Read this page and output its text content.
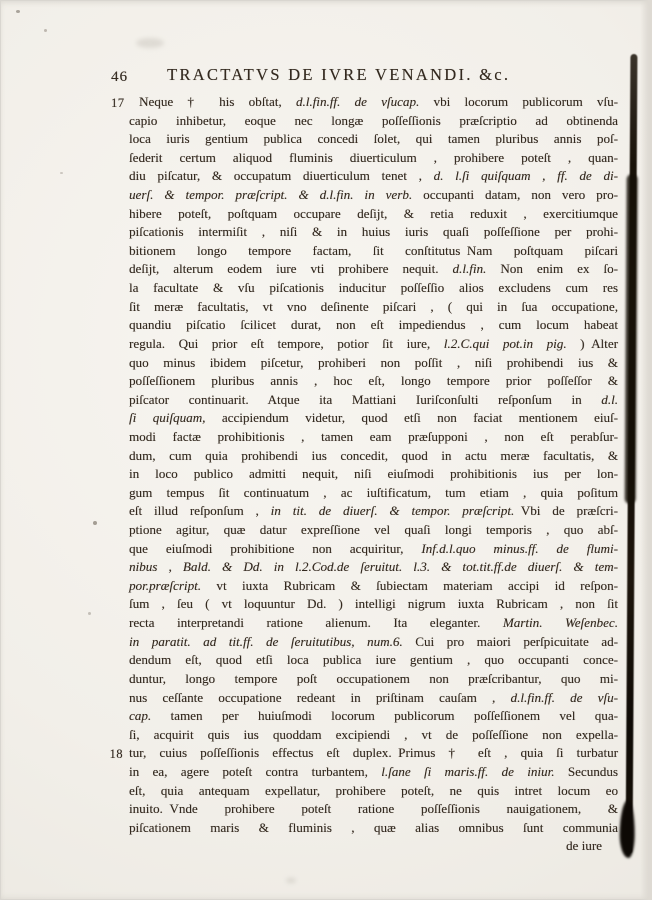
46 TRACTATVS DE IVRE VENANDI. &c.
17 Neque † his obſtat, d.l.fin.ff. de vſucap. vbi locorum publicorum vſu-
capio inhibetur, eoque nec longæ poſſeſſionis præſcriptio ad obtinenda
loca iuris gentium publica concedi ſolet, qui tamen pluribus annis poſ-
ſederit certum aliquod fluminis diuerticulum , prohibere poteſt , quan-
diu piſcatur, & occupatum diuerticulum tenet , d. l.ſi quiſquam , ff. de di-
uerſ. & tempor. præſcript. & d.l.fin. in verb. occupanti datam, non vero pro-
hibere poteſt, poſtquam occupare deſijt, & retia reduxit , exercitiumque
piſcationis intermiſit , niſi & in huius iuris quaſi poſſeſſione per prohi-
bitionem longo tempore factam, ſit conſtitutus Nam poſtquam piſcari
deſijt, alterum eodem iure vti prohibere nequit. d.l.fin. Non enim ex ſo-
la facultate & vſu piſcationis inducitur poſſeſſio alios excludens cum res
ſit meræ facultatis, vt vno deſinente piſcari , ( qui in ſua occupatione,
quandiu piſcatio ſcilicet durat, non eſt impediendus , cum locum habeat
regula. Qui prior eſt tempore, potior ſit iure, l.2.C.qui pot.in pig. ) Alter
quo minus ibidem piſcetur, prohiberi non poſſit , niſi prohibendi ius &
poſſeſſionem pluribus annis , hoc eſt, longo tempore prior poſſeſſor &
piſcator continuarit. Atque ita Mattiani Iuriſconſulti reſponſum in d.l.
ſi quiſquam, accipiendum videtur, quod etſi non faciat mentionem eiuſ-
modi factæ prohibitionis , tamen eam præſupponi , non eſt perabſur-
dum, cum quia prohibendi ius concedit, quod in actu meræ facultatis, &
in loco publico admitti nequit, niſi eiuſmodi prohibitionis ius per lon-
gum tempus ſit continuatum , ac iuſtificatum, tum etiam , quia poſitum
eſt illud reſponſum , in tit. de diuerſ. & tempor. præſcript. Vbi de præſcri-
ptione agitur, quæ datur expreſſione vel quaſi longi temporis , quo abſ-
que eiuſmodi prohibitione non acquiritur, Inf.d.l.quo minus.ff. de flumi-
nibus , Bald. & Dd. in l.2.Cod.de ſeruitut. l.3. & tot.tit.ff.de diuerſ. & tem-
por.præſcript. vt iuxta Rubricam & ſubiectam materiam accipi id reſpon-
ſum , ſeu ( vt loquuntur Dd. ) intelligi nigrum iuxta Rubricam , non ſit
recta interpretandi ratione alienum. Ita eleganter. Martin. Weſenbec.
in paratit. ad tit.ff. de ſeruitutibus, num.6. Cui pro maiori perſpicuitate ad-
dendum eſt, quod etſi loca publica iure gentium , quo occupanti conce-
duntur, longo tempore poſt occupationem non præſcribantur, quo mi-
nus ceſſante occupatione redeant in priſtinam cauſam , d.l.fin.ff. de vſu-
cap. tamen per huiuſmodi locorum publicorum poſſeſſionem vel qua-
ſi, acquirit quis ius quoddam excipiendi , vt de poſſeſſione non expella-
18 tur, cuius poſſeſſionis effectus eſt duplex. Primus † eſt , quia ſi turbatur
in ea, agere poteſt contra turbantem, l.ſane ſi maris.ff. de iniur. Secundus
eſt, quia antequam expellatur, prohibere poteſt, ne quis intret locum eo
inuito. Vnde prohibere poteſt ratione poſſeſſionis nauigationem, &
piſcationem maris & fluminis , quæ alias omnibus ſunt communia
de iure
